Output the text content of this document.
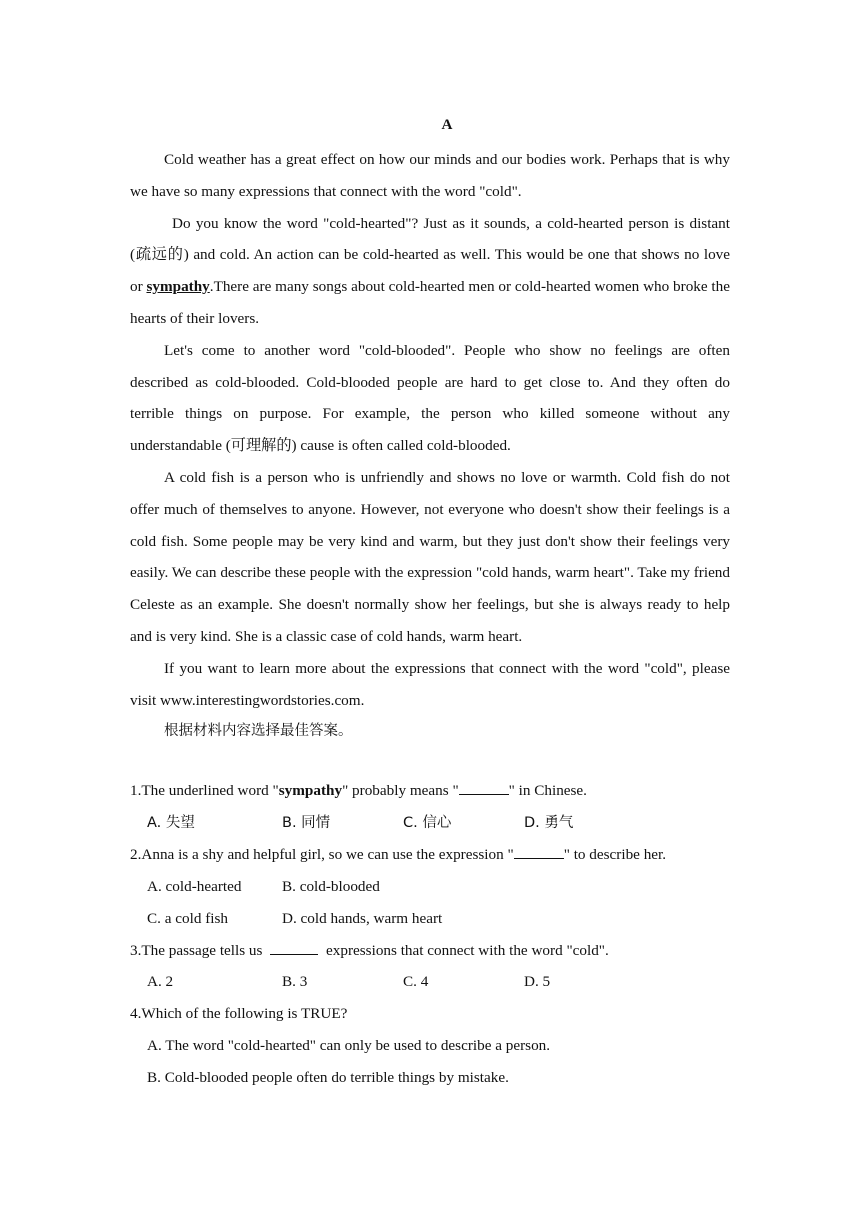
A

Cold weather has a great effect on how our minds and our bodies work. Perhaps that is why we have so many expressions that connect with the word "cold".

Do you know the word "cold-hearted"? Just as it sounds, a cold-hearted person is distant (疏远的) and cold. An action can be cold-hearted as well. This would be one that shows no love or sympathy.There are many songs about cold-hearted men or cold-hearted women who broke the hearts of their lovers.

Let's come to another word "cold-blooded". People who show no feelings are often described as cold-blooded. Cold-blooded people are hard to get close to. And they often do terrible things on purpose. For example, the person who killed someone without any understandable (可理解的) cause is often called cold-blooded.

A cold fish is a person who is unfriendly and shows no love or warmth. Cold fish do not offer much of themselves to anyone. However, not everyone who doesn't show their feelings is a cold fish. Some people may be very kind and warm, but they just don't show their feelings very easily. We can describe these people with the expression "cold hands, warm heart". Take my friend Celeste as an example. She doesn't normally show her feelings, but she is always ready to help and is very kind. She is a classic case of cold hands, warm heart.

If you want to learn more about the expressions that connect with the word "cold", please visit www.interestingwordstories.com.

根据材料内容选择最佳答案。

1.The underlined word "sympathy" probably means "	" in Chinese.
A. 失望	B. 同情	C. 信心	D. 勇气
2.Anna is a shy and helpful girl, so we can use the expression "	" to describe her.
A. cold-hearted	B. cold-blooded
C. a cold fish	D. cold hands, warm heart
3.The passage tells us	expressions that connect with the word "cold".
A. 2	B. 3	C. 4	D. 5
4.Which of the following is TRUE?
A. The word "cold-hearted" can only be used to describe a person.
B. Cold-blooded people often do terrible things by mistake.
